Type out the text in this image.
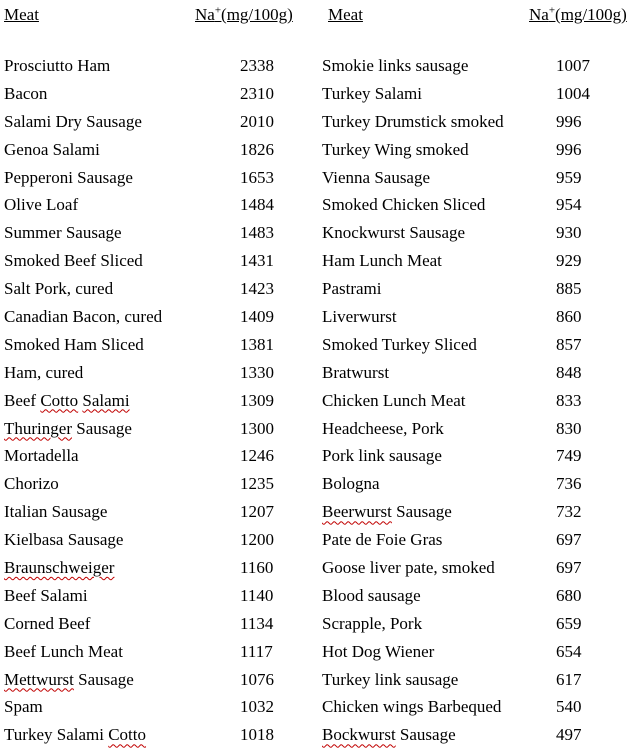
Meat	Na+(mg/100g) Meat	Na+(mg/100g)
Prosciutto Ham	2338	Smokie links sausage	1007
Bacon	2310	Turkey Salami	1004
Salami Dry Sausage	2010	Turkey Drumstick smoked	996
Genoa Salami	1826	Turkey Wing smoked	996
Pepperoni Sausage	1653	Vienna Sausage	959
Olive Loaf	1484	Smoked Chicken Sliced	954
Summer Sausage	1483	Knockwurst Sausage	930
Smoked Beef Sliced	1431	Ham Lunch Meat	929
Salt Pork, cured	1423	Pastrami	885
Canadian Bacon, cured	1409	Liverwurst	860
Smoked Ham Sliced	1381	Smoked Turkey Sliced	857
Ham, cured	1330	Bratwurst	848
Beef Cotto Salami	1309	Chicken Lunch Meat	833
Thuringer Sausage	1300	Headcheese, Pork	830
Mortadella	1246	Pork link sausage	749
Chorizo	1235	Bologna	736
Italian Sausage	1207	Beerwurst Sausage	732
Kielbasa Sausage	1200	Pate de Foie Gras	697
Braunschweiger	1160	Goose liver pate, smoked	697
Beef Salami	1140	Blood sausage	680
Corned Beef	1134	Scrapple, Pork	659
Beef Lunch Meat	1117	Hot Dog Wiener	654
Mettwurst Sausage	1076	Turkey link sausage	617
Spam	1032	Chicken wings Barbequed	540
Turkey Salami Cotto	1018	Bockwurst Sausage	497
